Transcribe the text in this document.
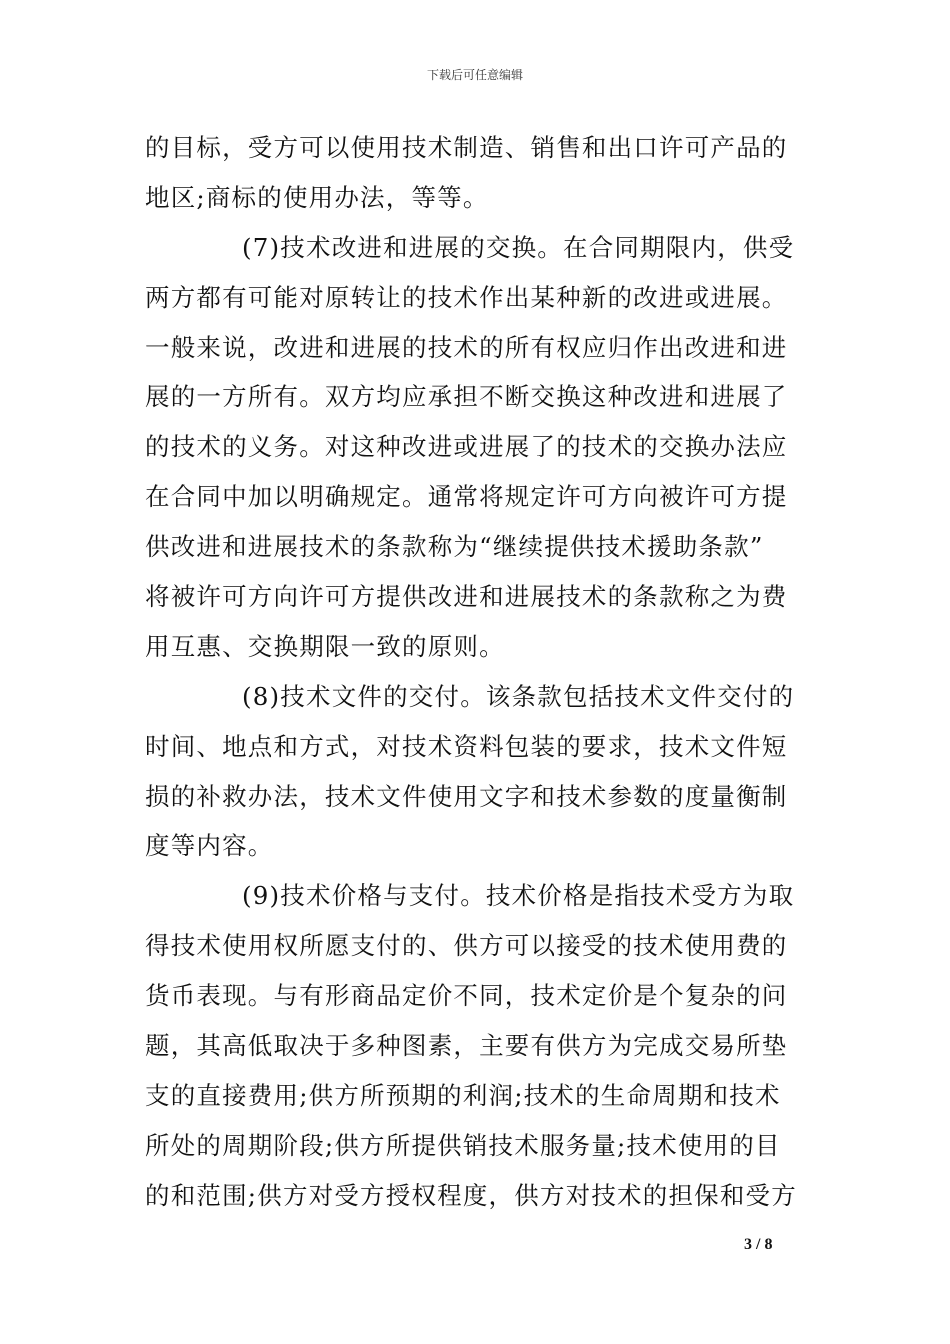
下载后可任意编辑
的目标，受方可以使用技术制造、销售和出口许可产品的
地区;商标的使用办法，等等。
(7)技术改进和进展的交换。在合同期限内，供受
两方都有可能对原转让的技术作出某种新的改进或进展。
一般来说，改进和进展的技术的所有权应归作出改进和进
展的一方所有。双方均应承担不断交换这种改进和进展了
的技术的义务。对这种改进或进展了的技术的交换办法应
在合同中加以明确规定。通常将规定许可方向被许可方提
供改进和进展技术的条款称为“继续提供技术援助条款”
将被许可方向许可方提供改进和进展技术的条款称之为费
用互惠、交换期限一致的原则。
(8)技术文件的交付。该条款包括技术文件交付的
时间、地点和方式，对技术资料包装的要求，技术文件短
损的补救办法，技术文件使用文字和技术参数的度量衡制
度等内容。
(9)技术价格与支付。技术价格是指技术受方为取
得技术使用权所愿支付的、供方可以接受的技术使用费的
货币表现。与有形商品定价不同，技术定价是个复杂的问
题，其高低取决于多种图素，主要有供方为完成交易所垫
支的直接费用;供方所预期的利润;技术的生命周期和技术
所处的周期阶段;供方所提供销技术服务量;技术使用的目
的和范围;供方对受方授权程度，供方对技术的担保和受方
3 / 8
